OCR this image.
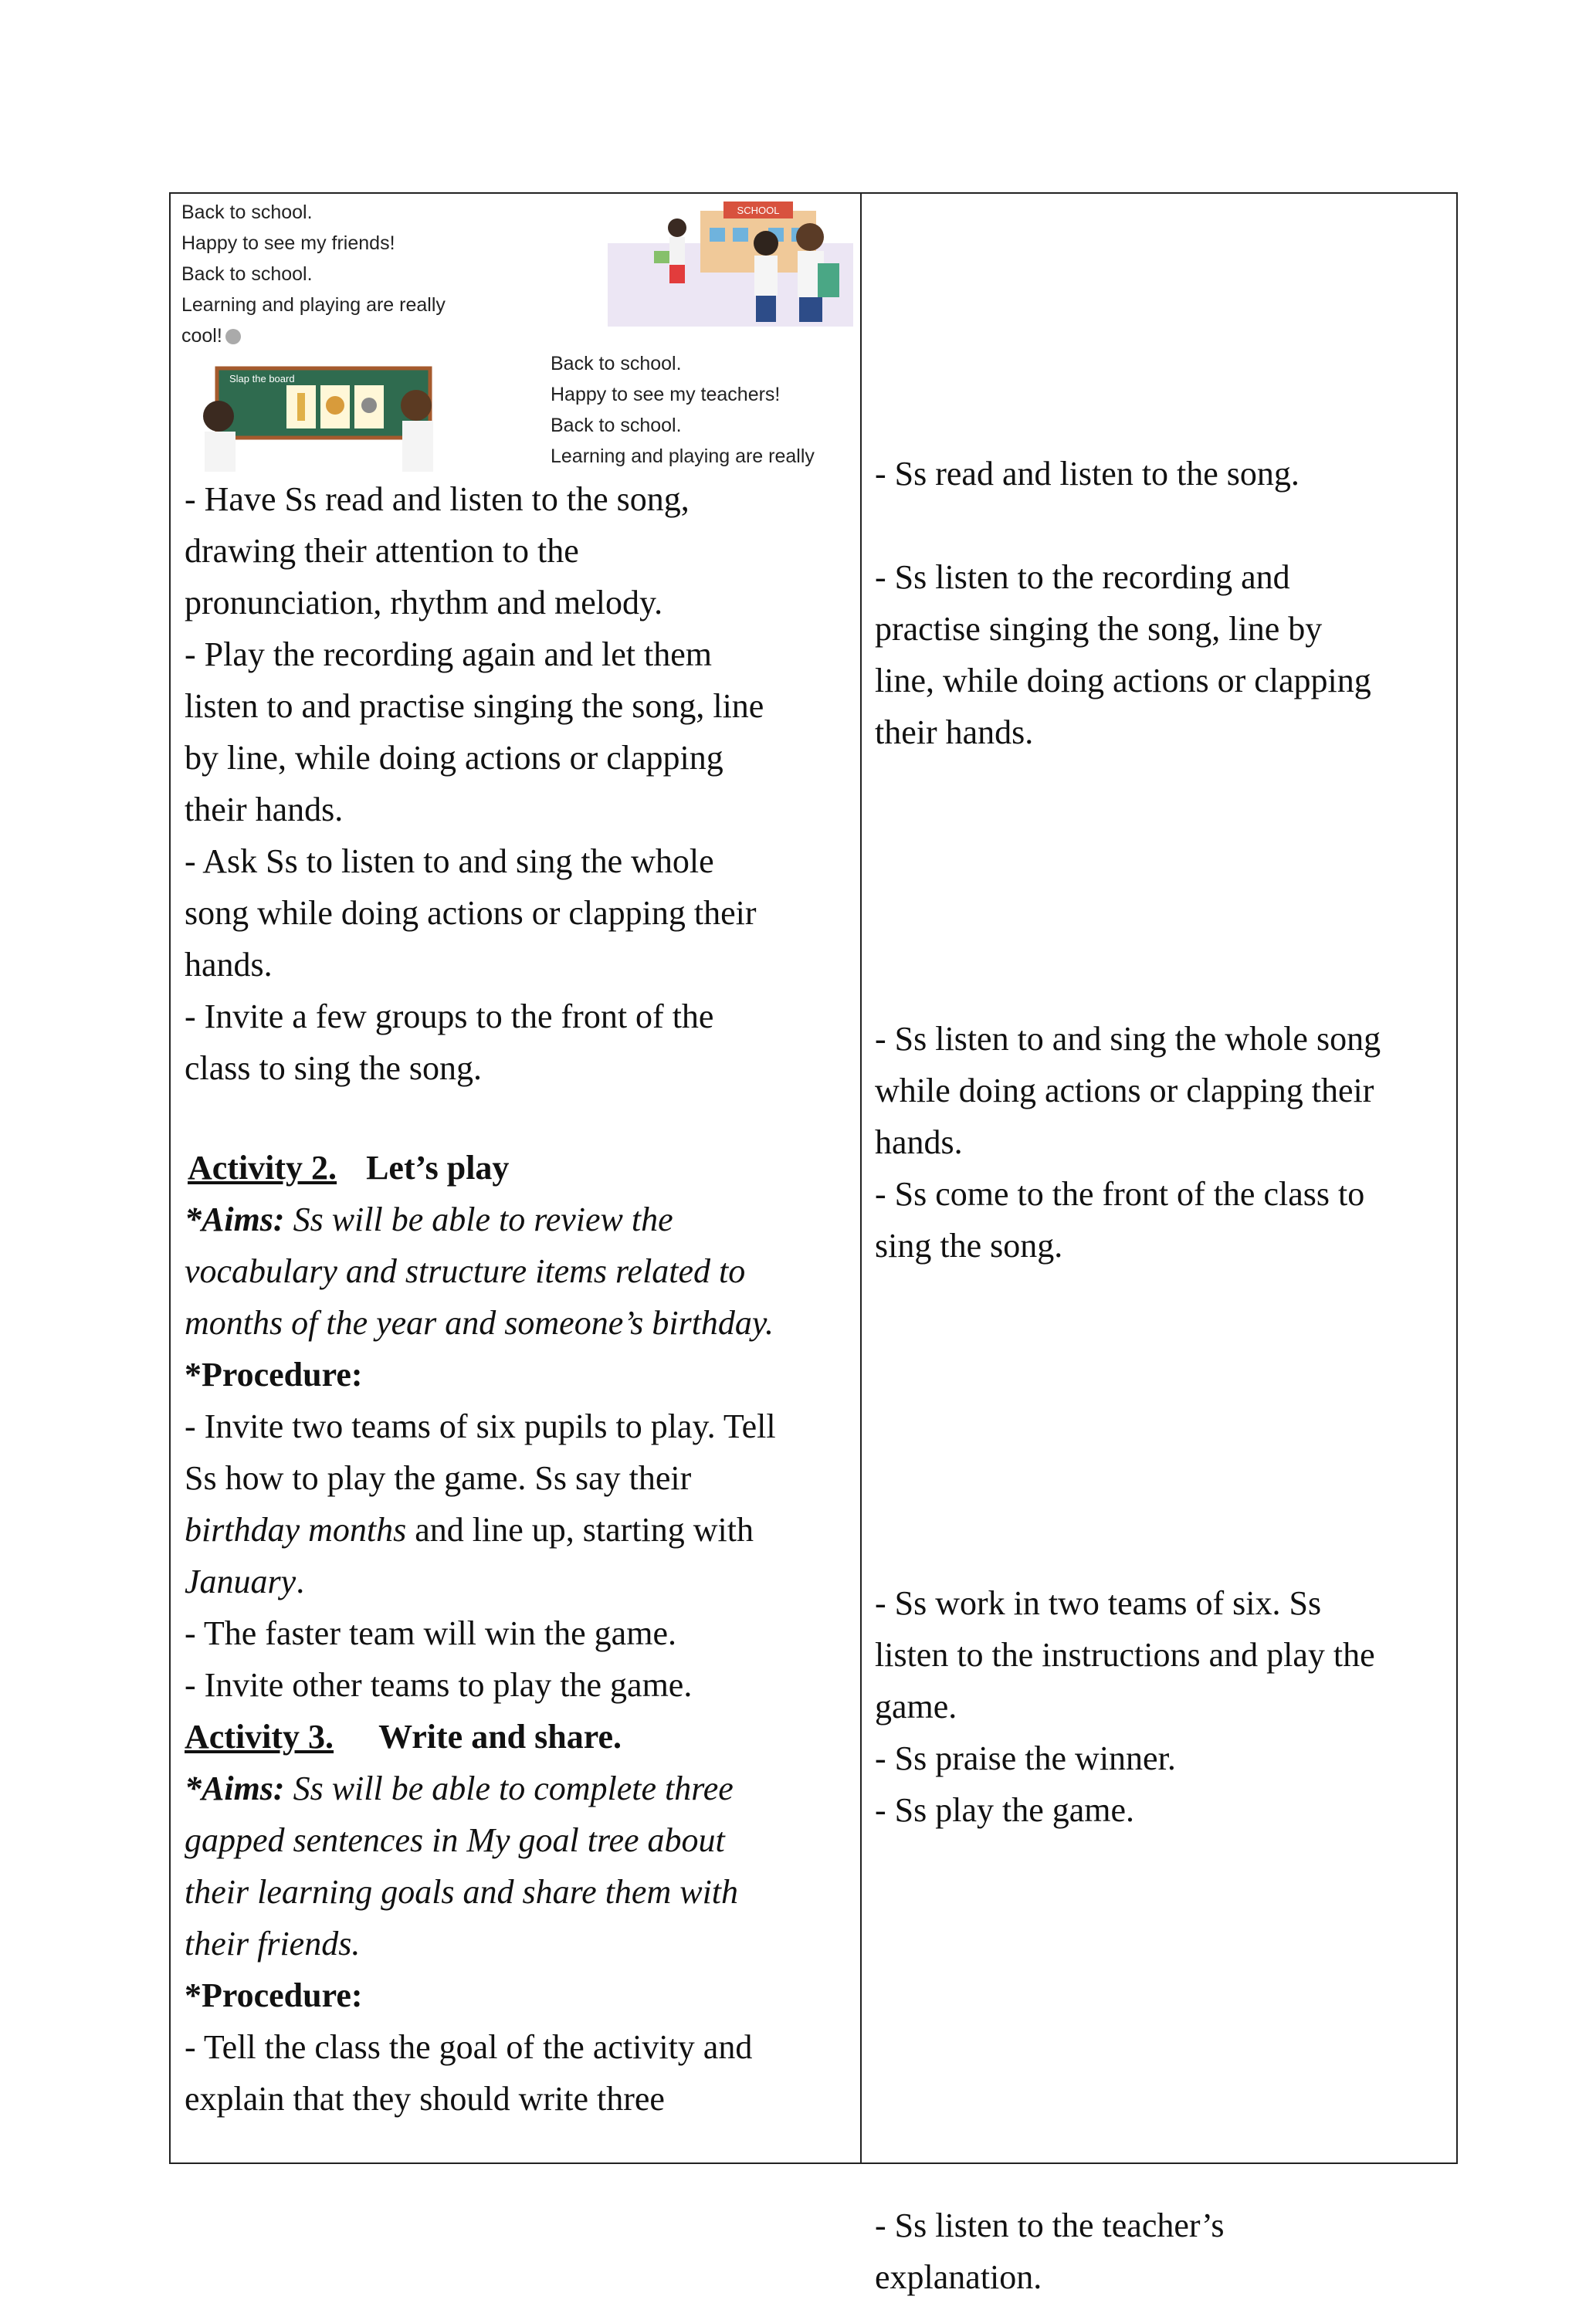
Back to school.
Happy to see my friends!
Back to school.
Learning and playing are really
cool!
SCHOOL
Slap the board
Back to school.
Happy to see my teachers!
Back to school.
Learning and playing are really
- Have Ss read and listen to the song,
drawing their attention to the
pronunciation, rhythm and melody.
- Play the recording again and let them
listen to and practise singing the song, line
by line, while doing actions or clapping
their hands.
- Ask Ss to listen to and sing the whole
song while doing actions or clapping their
hands.
- Invite a few groups to the front of the
class to sing the song.
Activity 2. Let’s play
*Aims: Ss will be able to review the
vocabulary and structure items related to
months of the year and someone’s birthday.
*Procedure:
- Invite two teams of six pupils to play. Tell
Ss how to play the game. Ss say their
birthday months and line up, starting with
January.
- The faster team will win the game.
- Invite other teams to play the game.
Activity 3. Write and share.
*Aims: Ss will be able to complete three
gapped sentences in My goal tree about
their learning goals and share them with
their friends.
*Procedure:
- Tell the class the goal of the activity and
explain that they should write three
- Ss read and listen to the song.
- Ss listen to the recording and
practise singing the song, line by
line, while doing actions or clapping
their hands.
- Ss listen to and sing the whole song
while doing actions or clapping their
hands.
- Ss come to the front of the class to
sing the song.
- Ss work in two teams of six. Ss
listen to the instructions and play the
game.
- Ss praise the winner.
- Ss play the game.
- Ss listen to the teacher’s
explanation.
